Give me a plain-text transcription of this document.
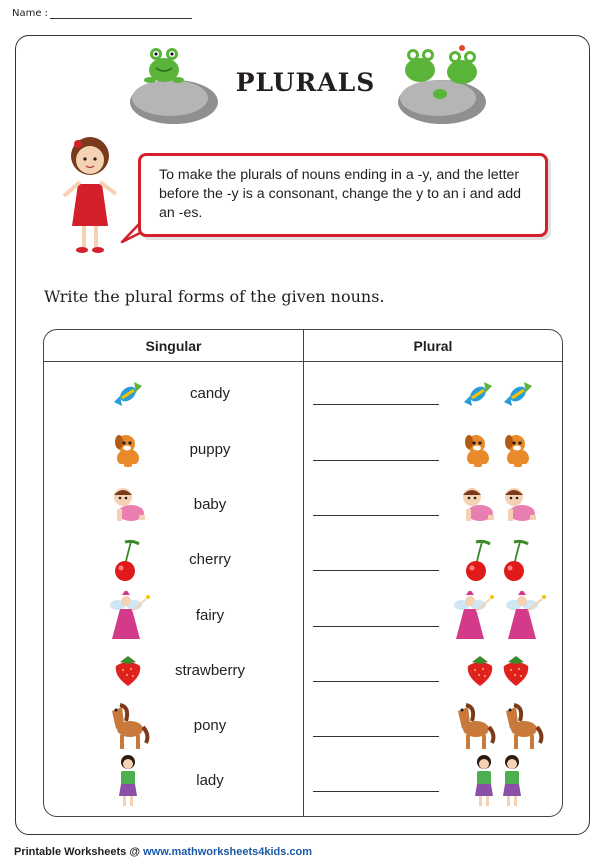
Name :
PLURALS
To make the plurals of nouns ending in a -y, and the letter before the -y is a consonant, change the y to an i and add an -es.
Write the plural forms of the given nouns.
Singular	Plural
candy
puppy
baby
cherry
fairy
strawberry
pony
lady
Printable Worksheets @ www.mathworksheets4kids.com
